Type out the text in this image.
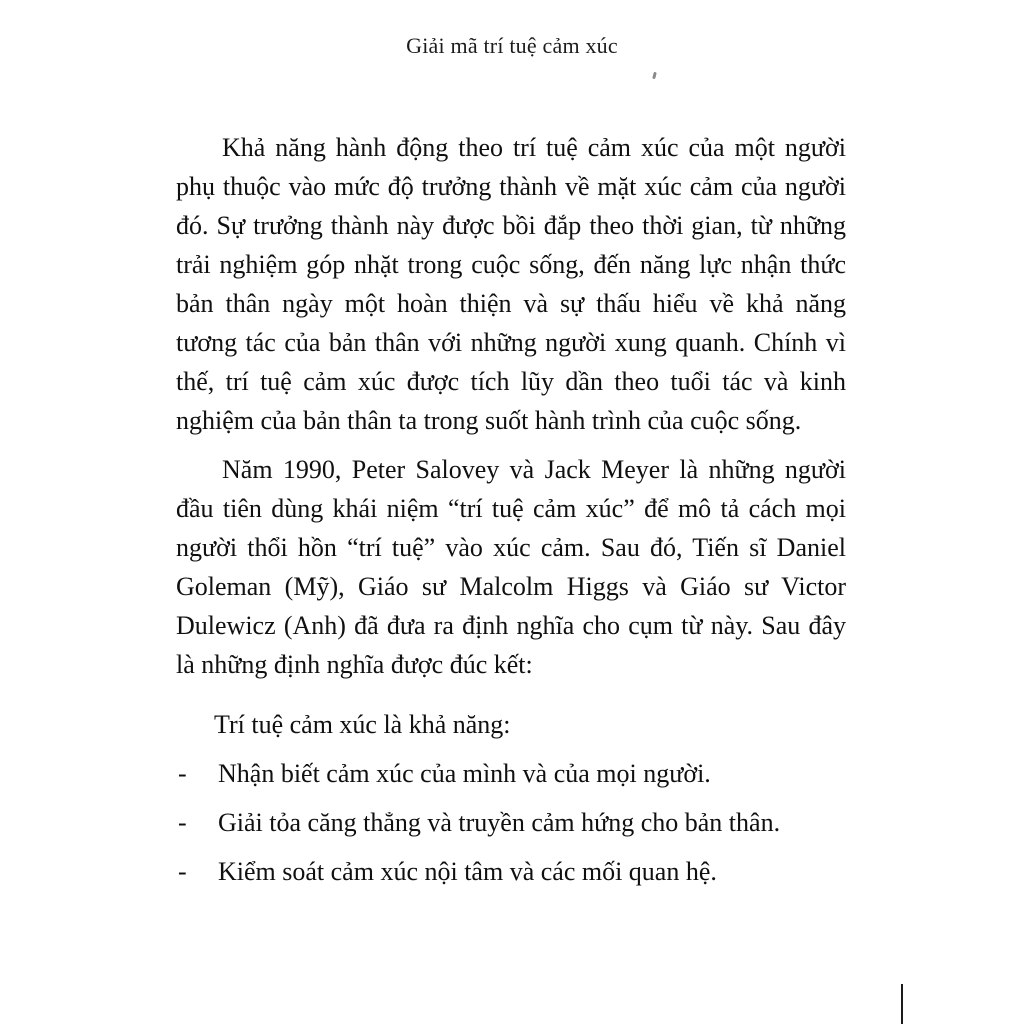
Giải mã trí tuệ cảm xúc

Khả năng hành động theo trí tuệ cảm xúc của một người phụ thuộc vào mức độ trưởng thành về mặt xúc cảm của người đó. Sự trưởng thành này được bồi đắp theo thời gian, từ những trải nghiệm góp nhặt trong cuộc sống, đến năng lực nhận thức bản thân ngày một hoàn thiện và sự thấu hiểu về khả năng tương tác của bản thân với những người xung quanh. Chính vì thế, trí tuệ cảm xúc được tích lũy dần theo tuổi tác và kinh nghiệm của bản thân ta trong suốt hành trình của cuộc sống.

Năm 1990, Peter Salovey và Jack Meyer là những người đầu tiên dùng khái niệm “trí tuệ cảm xúc” để mô tả cách mọi người thổi hồn “trí tuệ” vào xúc cảm. Sau đó, Tiến sĩ Daniel Goleman (Mỹ), Giáo sư Malcolm Higgs và Giáo sư Victor Dulewicz (Anh) đã đưa ra định nghĩa cho cụm từ này. Sau đây là những định nghĩa được đúc kết:

Trí tuệ cảm xúc là khả năng:

- Nhận biết cảm xúc của mình và của mọi người.
- Giải tỏa căng thẳng và truyền cảm hứng cho bản thân.
- Kiểm soát cảm xúc nội tâm và các mối quan hệ.
